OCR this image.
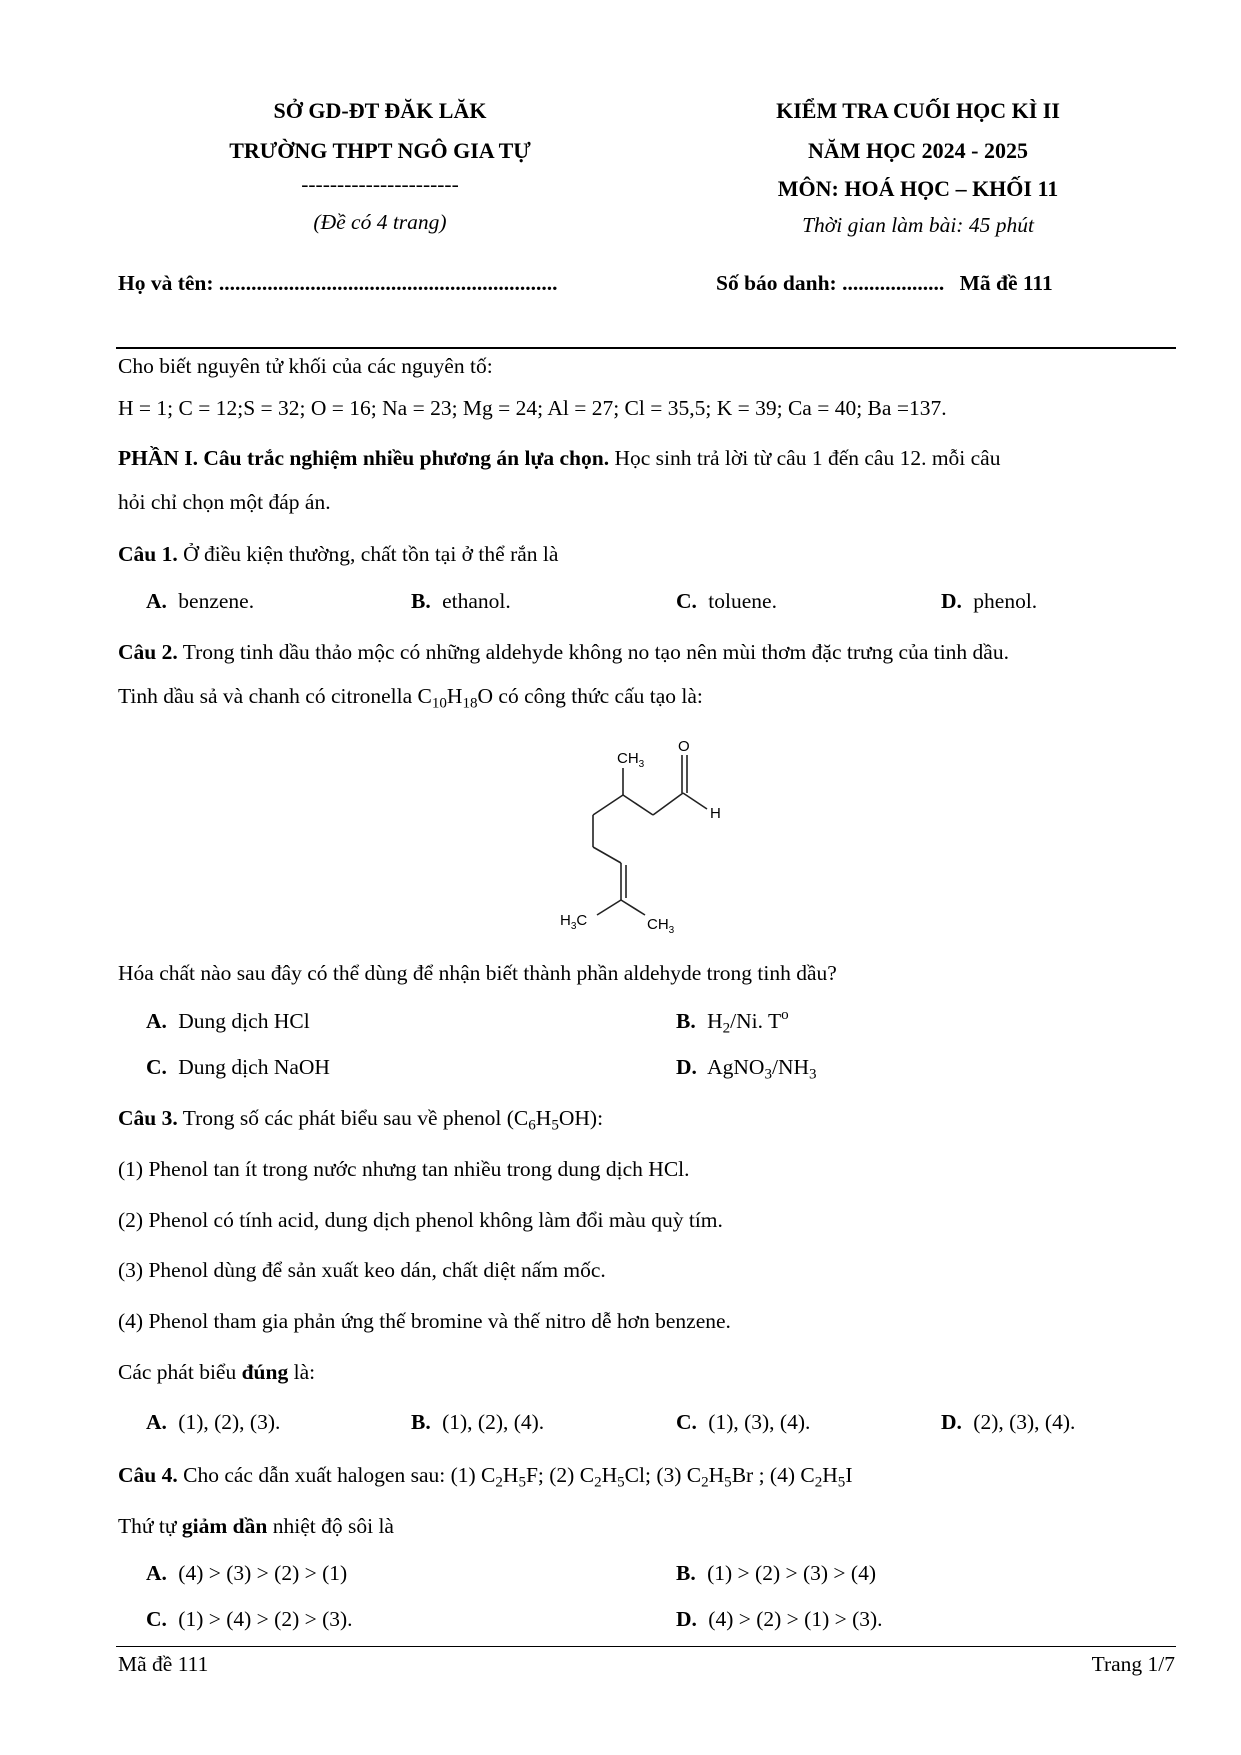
SỞ GD-ĐT ĐĂK LĂK
TRƯỜNG THPT NGÔ GIA TỰ
----------------------
(Đề có 4 trang)
KIỂM TRA CUỐI HỌC KÌ II
NĂM HỌC 2024 - 2025
MÔN: HOÁ HỌC – KHỐI 11
Thời gian làm bài: 45 phút
Họ và tên: ...............................................................	Số báo danh: ................... Mã đề 111
Cho biết nguyên tử khối của các nguyên tố:
H = 1; C = 12;S = 32; O = 16; Na = 23; Mg = 24; Al = 27; Cl = 35,5; K = 39; Ca = 40; Ba =137.
PHẦN I. Câu trắc nghiệm nhiều phương án lựa chọn. Học sinh trả lời từ câu 1 đến câu 12. mỗi câu
hỏi chỉ chọn một đáp án.
Câu 1. Ở điều kiện thường, chất tồn tại ở thể rắn là
A. benzene.	B. ethanol.	C. toluene.	D. phenol.
Câu 2. Trong tinh dầu thảo mộc có những aldehyde không no tạo nên mùi thơm đặc trưng của tinh dầu.
Tinh dầu sả và chanh có citronella $C_{10}H_{18}O$ có công thức cấu tạo là:
$CH_3$
O
H
$H_3C$	$CH_3$
Hóa chất nào sau đây có thể dùng để nhận biết thành phần aldehyde trong tinh dầu?
A. Dung dịch HCl	B. $H_2/Ni$. $T^o$
C. Dung dịch NaOH	D. $AgNO_3/NH_3$
Câu 3. Trong số các phát biểu sau về phenol $(C_6H_5OH)$:
(1) Phenol tan ít trong nước nhưng tan nhiều trong dung dịch HCl.
(2) Phenol có tính acid, dung dịch phenol không làm đổi màu quỳ tím.
(3) Phenol dùng để sản xuất keo dán, chất diệt nấm mốc.
(4) Phenol tham gia phản ứng thế bromine và thế nitro dễ hơn benzene.
Các phát biểu đúng là:
A. (1), (2), (3).	B. (1), (2), (4).	C. (1), (3), (4).	D. (2), (3), (4).
Câu 4. Cho các dẫn xuất halogen sau: (1) $C_2H_5F$; (2) $C_2H_5Cl$; (3) $C_2H_5Br$ ; (4) $C_2H_5I$
Thứ tự giảm dần nhiệt độ sôi là
A. (4) > (3) > (2) > (1)	B. (1) > (2) > (3) > (4)
C. (1) > (4) > (2) > (3).	D. (4) > (2) > (1) > (3).
Mã đề 111	Trang 1/7
